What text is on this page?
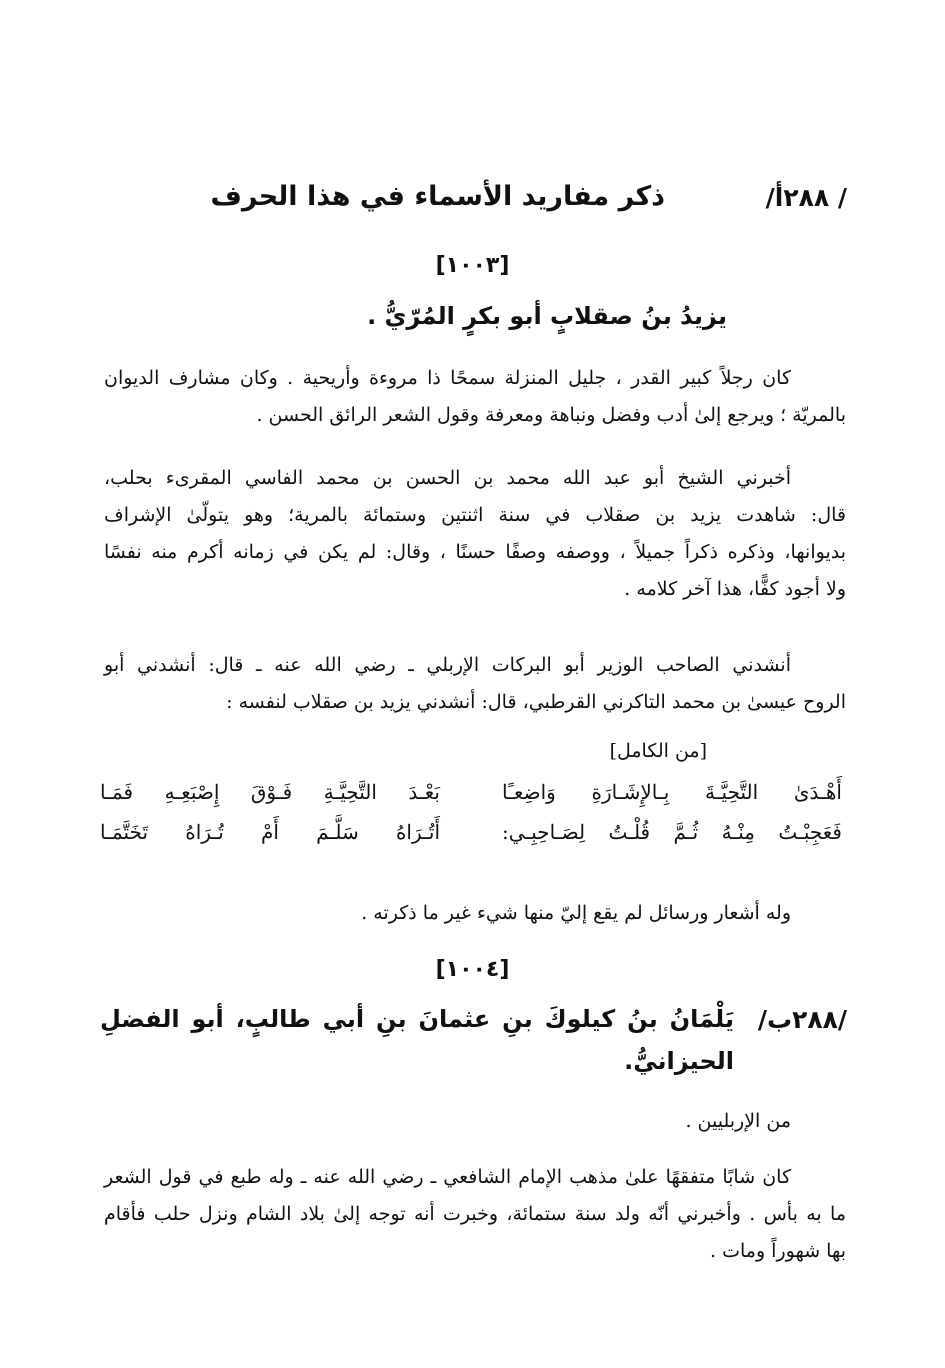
/ ٢٨٨أ/
ذكر مفاريد الأسماء في هذا الحرف
[١٠٠٣]
يزيدُ بنُ صقلابٍ أبو بكرٍ المُرّيُّ .
كان رجلاً كبير القدر ، جليل المنزلة سمحًا ذا مروءة وأريحية . وكان مشارف الديوان
بالمريّة ؛ ويرجع إلىٰ أدب وفضل ونباهة ومعرفة وقول الشعر الرائق الحسن .
أخبرني الشيخ أبو عبد الله محمد بن الحسن بن محمد الفاسي المقرىء بحلب،
قال: شاهدت يزيد بن صقلاب في سنة اثنتين وستمائة بالمرية؛ وهو يتولّىٰ الإشراف
بديوانها، وذكره ذكراً جميلاً ، ووصفه وصفًا حسنًا ، وقال: لم يكن في زمانه أكرم منه نفسًا
ولا أجود كفًّا، هذا آخر كلامه .
أنشدني الصاحب الوزير أبو البركات الإربلي ـ رضي الله عنه ـ قال: أنشدني أبو
الروح عيسىٰ بن محمد التاكرني القرطبي، قال: أنشدني يزيد بن صقلاب لنفسه :
[من الكامل]
أَهْـدَىٰ التَّحِيَّـةَ بِـالإِشَـارَةِ وَاضِعـًا
بَعْـدَ التَّحِيَّـةِ فَـوْقَ إِصْبَعِـهِ فَمَـا
فَعَجِبْـتُ مِنْـهُ ثُـمَّ قُلْـتُ لِصَـاحِبِـي:
أَتُـرَاهُ سَلَّـمَ أَمْ تُـرَاهُ تَخَتَّمَـا
وله أشعار ورسائل لم يقع إليّ منها شيء غير ما ذكرته .
[١٠٠٤]
/٢٨٨ب/
يَلْمَانُ بنُ كيلوكَ بنِ عثمانَ بنِ أبي طالبٍ، أبو الفضلِ
الحيزانيُّ.
من الإربليين .
كان شابًا متفقهًا علىٰ مذهب الإمام الشافعي ـ رضي الله عنه ـ وله طبع في قول الشعر
ما به بأس . وأخبرني أنّه ولد سنة ستمائة، وخبرت أنه توجه إلىٰ بلاد الشام ونزل حلب فأقام
بها شهوراً ومات .
